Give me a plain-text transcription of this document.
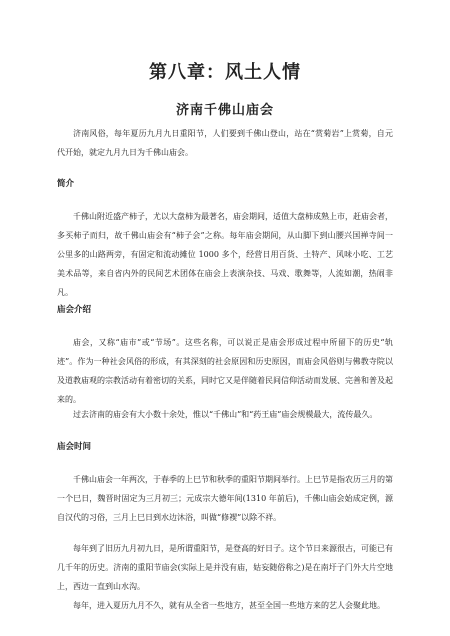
第八章：风土人情
济南千佛山庙会

济南风俗，每年夏历九月九日重阳节，人们要到千佛山登山，站在“赏菊岩”上赏菊，自元代开始，就定九月九日为千佛山庙会。

简介

千佛山附近盛产柿子，尤以大盘柿为最著名，庙会期间，适值大盘柿成熟上市，赶庙会者，多买柿子而归，故千佛山庙会有“柿子会”之称。每年庙会期间，从山脚下到山腰兴国禅寺间一公里多的山路两旁，有固定和流动摊位 1000 多个，经营日用百货、土特产、风味小吃、工艺美术品等，来自省内外的民间艺术团体在庙会上表演杂技、马戏、歌舞等，人流如潮，热闹非凡。

庙会介绍

庙会，又称“庙市”或“节场”。这些名称，可以说正是庙会形成过程中所留下的历史“轨迹”。作为一种社会风俗的形成，有其深刻的社会原因和历史原因，而庙会风俗则与佛教寺院以及道教庙观的宗教活动有着密切的关系，同时它又是伴随着民间信仰活动而发展、完善和普及起来的。

过去济南的庙会有大小数十余处，惟以“千佛山”和“药王庙”庙会规模最大，流传最久。

庙会时间

千佛山庙会一年两次，于春季的上巳节和秋季的重阳节期间举行。上巳节是指农历三月的第一个巳日，魏晋时固定为三月初三；元成宗大德年间(1310 年前后)，千佛山庙会始成定例，源自汉代的习俗，三月上巳日到水边沐浴，叫做“修褉”以除不祥。

每年到了旧历九月初九日，是所谓重阳节，是登高的好日子。这个节日来源很古，可能已有几千年的历史。济南的重阳节庙会(实际上是并没有庙，姑妄随俗称之)是在南圩子门外大片空地上，西边一直到山水沟。

每年，进入夏历九月不久，就有从全省一些地方，甚至全国一些地方来的艺人会聚此地。
